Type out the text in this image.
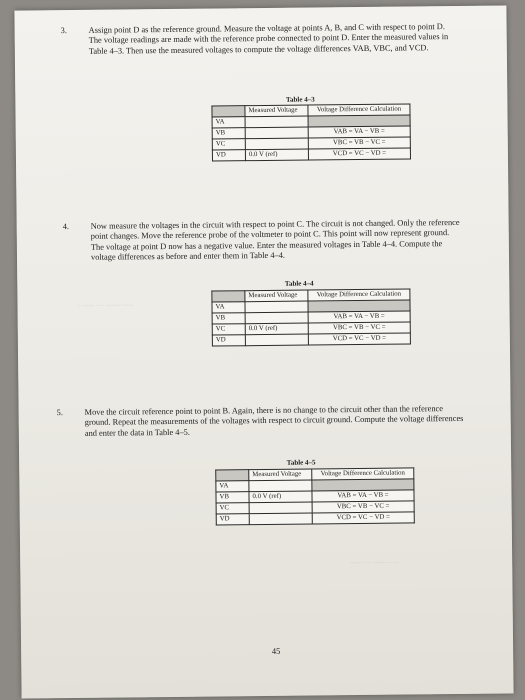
~ ~~~ ~~ ~~~~ ~~~
~~~ ~~ ~~~~~ ~~
3.	Assign point D as the reference ground. Measure the voltage at points A, B, and C with respect to point D. The voltage readings are made with the reference probe connected to point D. Enter the measured values in Table 4–3. Then use the measured voltages to compute the voltage differences VAB, VBC, and VCD.
Table 4–3
	Measured Voltage	Voltage Difference Calculation
VA		
VB		VAB = VA − VB =
VC		VBC = VB − VC =
VD	0.0 V (ref)	VCD = VC − VD =
4.	Now measure the voltages in the circuit with respect to point C. The circuit is not changed. Only the reference point changes. Move the reference probe of the voltmeter to point C. This point will now represent ground. The voltage at point D now has a negative value. Enter the measured voltages in Table 4–4. Compute the voltage differences as before and enter them in Table 4–4.
Table 4–4
	Measured Voltage	Voltage Difference Calculation
VA		
VB		VAB = VA − VB =
VC	0.0 V (ref)	VBC = VB − VC =
VD		VCD = VC − VD =
5.	Move the circuit reference point to point B. Again, there is no change to the circuit other than the reference ground. Repeat the measurements of the voltages with respect to circuit ground. Compute the voltage differences and enter the data in Table 4–5.
Table 4–5
	Measured Voltage	Voltage Difference Calculation
VA		
VB	0.0 V (ref)	VAB = VA − VB =
VC		VBC = VB − VC =
VD		VCD = VC − VD =
45
